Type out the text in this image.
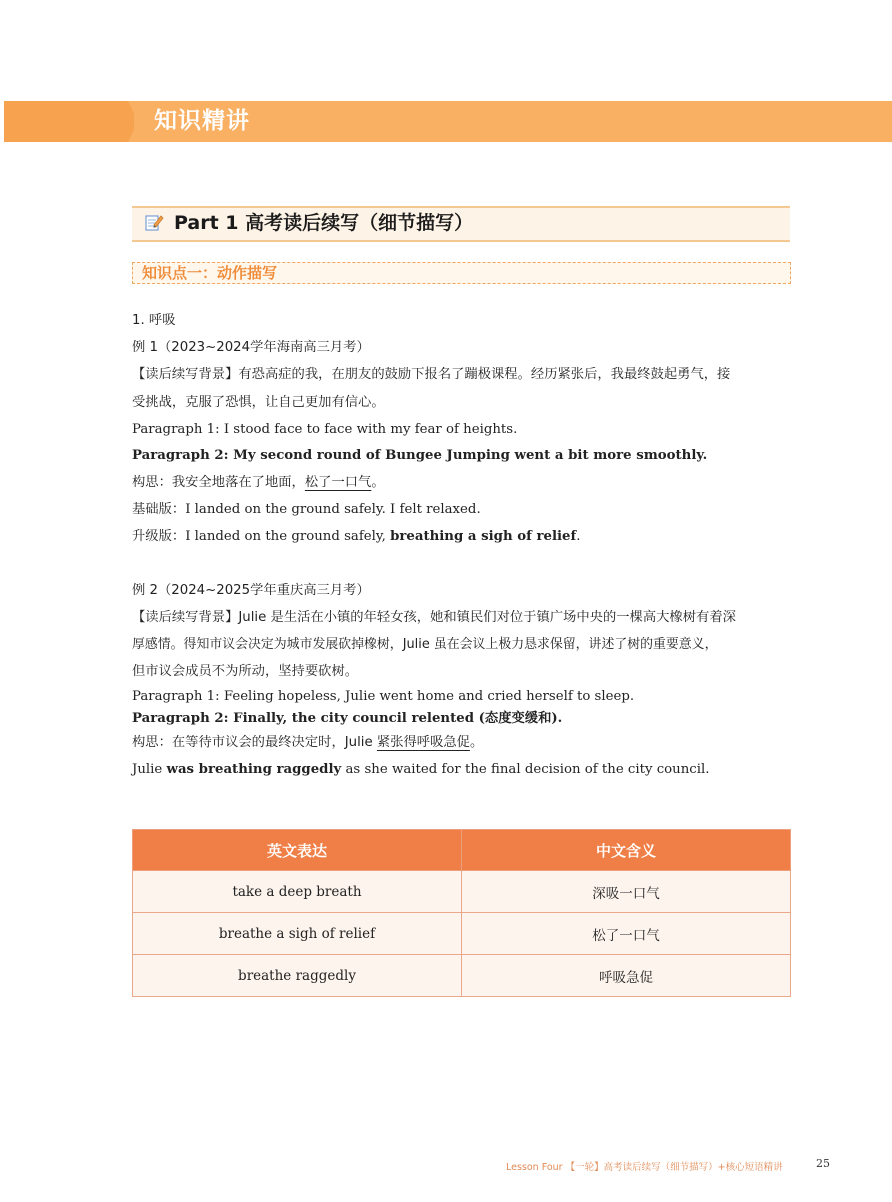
知识精讲
Part 1 高考读后续写（细节描写）
知识点一：动作描写
1. 呼吸
例 1（2023~2024学年海南高三月考）
【读后续写背景】有恐高症的我，在朋友的鼓励下报名了蹦极课程。经历紧张后，我最终鼓起勇气，接
受挑战，克服了恐惧，让自己更加有信心。
Paragraph 1: I stood face to face with my fear of heights.
Paragraph 2: My second round of Bungee Jumping went a bit more smoothly.
构思：我安全地落在了地面，松了一口气。
基础版：I landed on the ground safely. I felt relaxed.
升级版：I landed on the ground safely, breathing a sigh of relief.
例 2（2024~2025学年重庆高三月考）
【读后续写背景】Julie 是生活在小镇的年轻女孩，她和镇民们对位于镇广场中央的一棵高大橡树有着深
厚感情。得知市议会决定为城市发展砍掉橡树，Julie 虽在会议上极力恳求保留，讲述了树的重要意义，
但市议会成员不为所动，坚持要砍树。
Paragraph 1: Feeling hopeless, Julie went home and cried herself to sleep.
Paragraph 2: Finally, the city council relented (态度变缓和).
构思：在等待市议会的最终决定时，Julie 紧张得呼吸急促。
Julie was breathing raggedly as she waited for the final decision of the city council.
英文表达	中文含义
take a deep breath	深吸一口气
breathe a sigh of relief	松了一口气
breathe raggedly	呼吸急促
Lesson Four 【一轮】高考读后续写（细节描写）+核心短语精讲	25
